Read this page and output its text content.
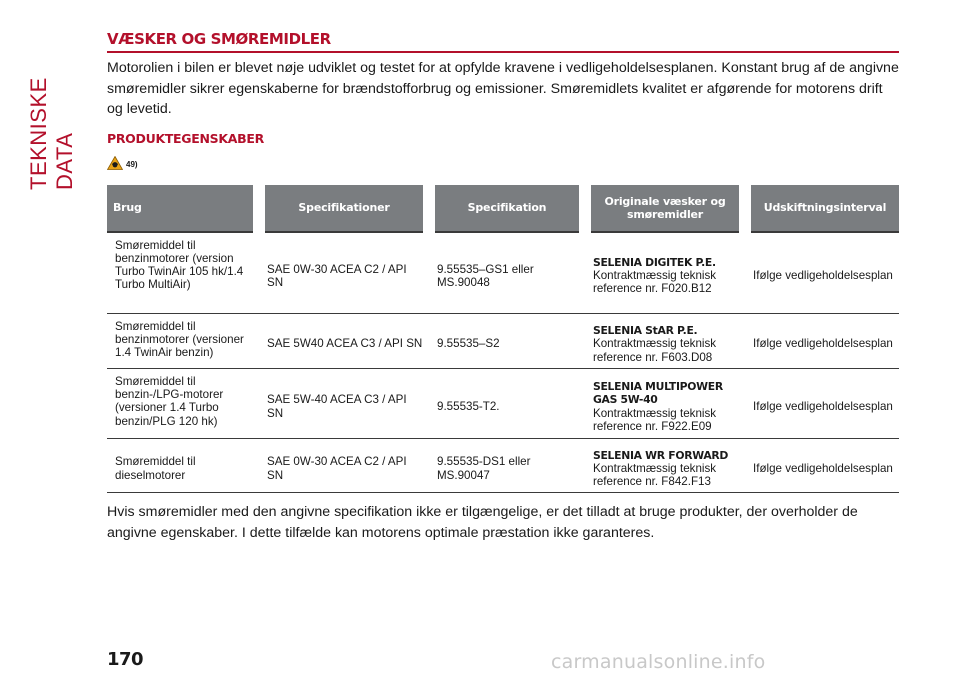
TEKNISKE DATA
VÆSKER OG SMØREMIDLER

Motorolien i bilen er blevet nøje udviklet og testet for at opfylde kravene i vedligeholdelsesplanen. Konstant brug af de angivne smøremidler sikrer egenskaberne for brændstofforbrug og emissioner. Smøremidlets kvalitet er afgørende for motorens drift og levetid.

PRODUKTEGENSKABER
49)
Brug	Specifikationer	Specifikation	Originale væsker og smøremidler	Udskiftningsinterval
Smøremiddel til benzinmotorer (version Turbo TwinAir 105 hk/1.4 Turbo MultiAir)	SAE 0W-30 ACEA C2 / API SN	9.55535–GS1 eller MS.90048	SELENIA DIGITEK P.E.
Kontraktmæssig teknisk reference nr. F020.B12	Ifølge vedligeholdelsesplan
Smøremiddel til benzinmotorer (versioner 1.4 TwinAir benzin)	SAE 5W40 ACEA C3 / API SN	9.55535–S2	SELENIA StAR P.E.
Kontraktmæssig teknisk reference nr. F603.D08	Ifølge vedligeholdelsesplan
Smøremiddel til benzin-/LPG-motorer (versioner 1.4 Turbo benzin/PLG 120 hk)	SAE 5W-40 ACEA C3 / API SN	9.55535-T2.	SELENIA MULTIPOWER GAS 5W-40
Kontraktmæssig teknisk reference nr. F922.E09	Ifølge vedligeholdelsesplan
Smøremiddel til dieselmotorer	SAE 0W-30 ACEA C2 / API SN	9.55535-DS1 eller MS.90047	SELENIA WR FORWARD
Kontraktmæssig teknisk reference nr. F842.F13	Ifølge vedligeholdelsesplan

Hvis smøremidler med den angivne specifikation ikke er tilgængelige, er det tilladt at bruge produkter, der overholder de angivne egenskaber. I dette tilfælde kan motorens optimale præstation ikke garanteres.

170	carmanualsonline.info
